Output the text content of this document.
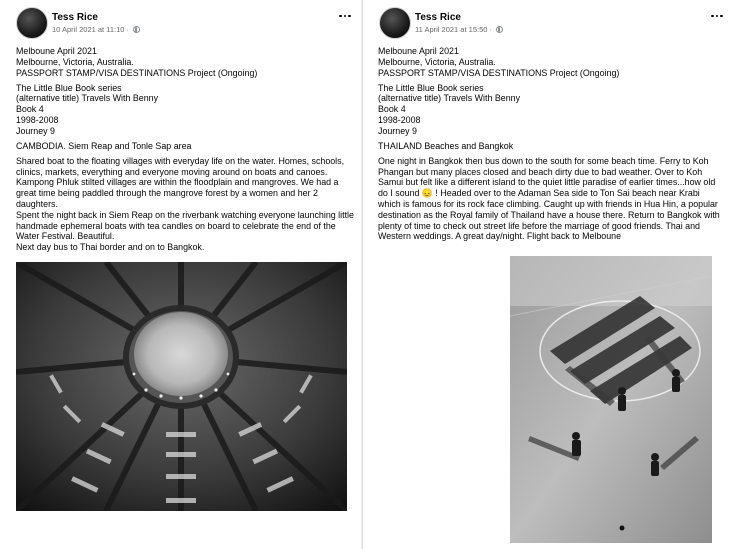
Tess Rice
10 April 2021 at 11:10 ·

Melboune April 2021
Melbourne, Victoria, Australia.
PASSPORT STAMP/VISA DESTINATIONS Project (Ongoing)

The Little Blue Book series
(alternative title) Travels With Benny
Book 4
1998-2008
Journey 9

CAMBODIA. Siem Reap and Tonle Sap area

Shared boat to the floating villages with everyday life on the water. Homes, schools, clinics, markets, everything and everyone moving around on boats and canoes.
Kampong Phluk stilted villages are within the floodplain and mangroves. We had a great time being paddled through the mangrove forest by a women and her 2 daughters.
Spent the night back in Siem Reap on the riverbank watching everyone launching little handmade ephemeral boats with tea candles on board to celebrate the end of the Water Festival. Beautiful.
Next day bus to Thai border and on to Bangkok.

Tess Rice
11 April 2021 at 15:50 ·

Melboune April 2021
Melbourne, Victoria, Australia.
PASSPORT STAMP/VISA DESTINATIONS Project (Ongoing)

The Little Blue Book series
(alternative title) Travels With Benny
Book 4
1998-2008
Journey 9

THAILAND Beaches and Bangkok

One night in Bangkok then bus down to the south for some beach time. Ferry to Koh Phangan but many places closed and beach dirty due to bad weather. Over to Koh Samui but felt like a different island to the quiet little paradise of earlier times...how old do I sound 😞 ! Headed over to the Adaman Sea side to Ton Sai beach near Krabi which is famous for its rock face climbing. Caught up with friends in Hua Hin, a popular destination as the Royal family of Thailand have a house there. Return to Bangkok with plenty of time to check out street life before the marriage of good friends. Thai and Western weddings. A great day/night. Flight back to Melboune
